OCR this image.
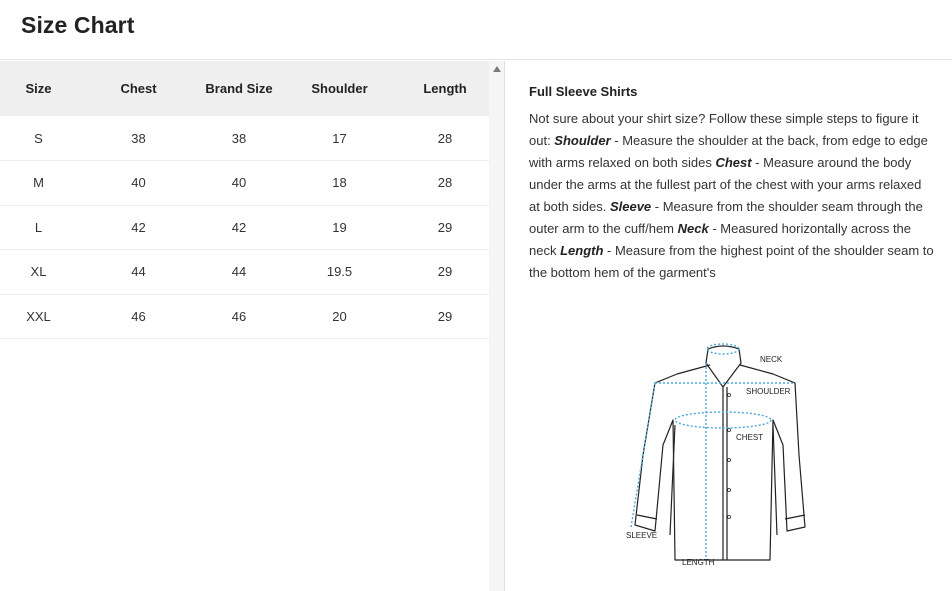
Size Chart
Size	Chest	Brand Size	Shoulder	Length
S	38	38	17	28
M	40	40	18	28
L	42	42	19	29
XL	44	44	19.5	29
XXL	46	46	20	29
Full Sleeve Shirts

Not sure about your shirt size? Follow these simple steps to figure it out: Shoulder - Measure the shoulder at the back, from edge to edge with arms relaxed on both sides Chest - Measure around the body under the arms at the fullest part of the chest with your arms relaxed at both sides. Sleeve - Measure from the shoulder seam through the outer arm to the cuff/hem Neck - Measured horizontally across the neck Length - Measure from the highest point of the shoulder seam to the bottom hem of the garment's

NECK
SHOULDER
CHEST
SLEEVE
LENGTH
